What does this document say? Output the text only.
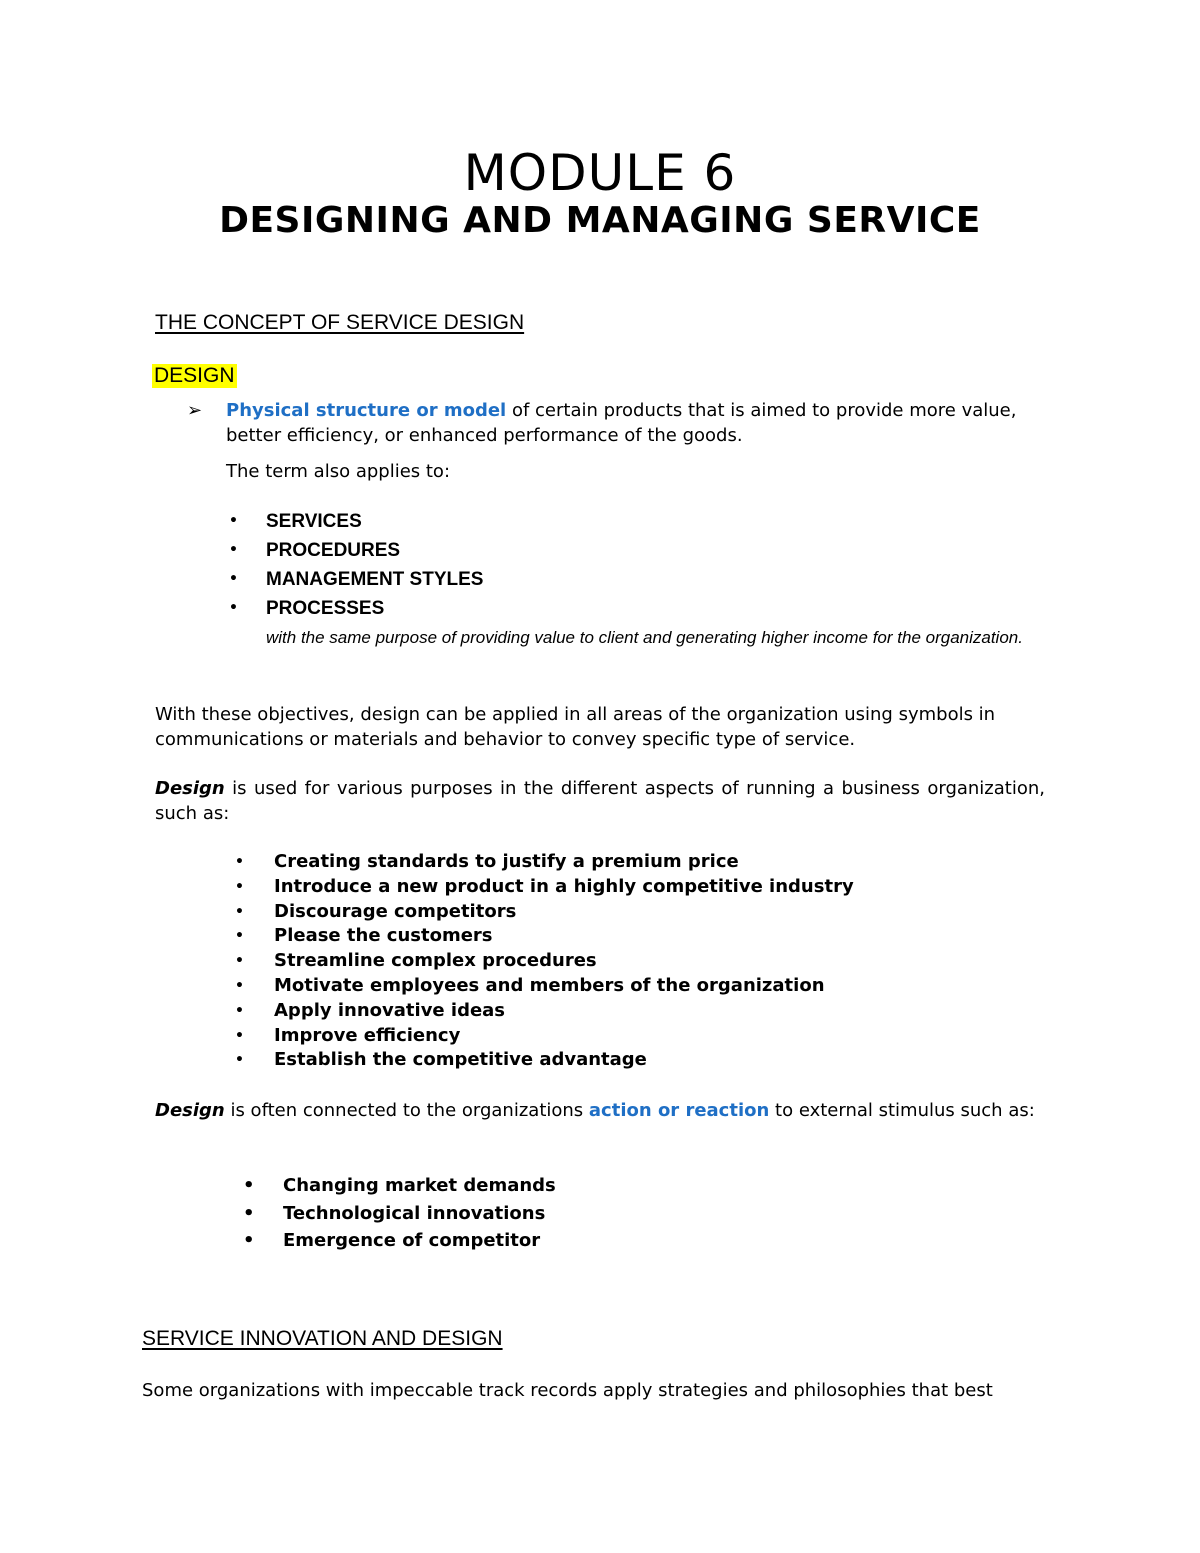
MODULE 6
DESIGNING AND MANAGING SERVICE
THE CONCEPT OF SERVICE DESIGN
DESIGN
➢ Physical structure or model of certain products that is aimed to provide more value, better efficiency, or enhanced performance of the goods.
The term also applies to:
• SERVICES
• PROCEDURES
• MANAGEMENT STYLES
• PROCESSES
with the same purpose of providing value to client and generating higher income for the organization.
With these objectives, design can be applied in all areas of the organization using symbols in communications or materials and behavior to convey specific type of service.
Design is used for various purposes in the different aspects of running a business organization, such as:
• Creating standards to justify a premium price
• Introduce a new product in a highly competitive industry
• Discourage competitors
• Please the customers
• Streamline complex procedures
• Motivate employees and members of the organization
• Apply innovative ideas
• Improve efficiency
• Establish the competitive advantage
Design is often connected to the organizations action or reaction to external stimulus such as:
• Changing market demands
• Technological innovations
• Emergence of competitor
SERVICE INNOVATION AND DESIGN
Some organizations with impeccable track records apply strategies and philosophies that best
